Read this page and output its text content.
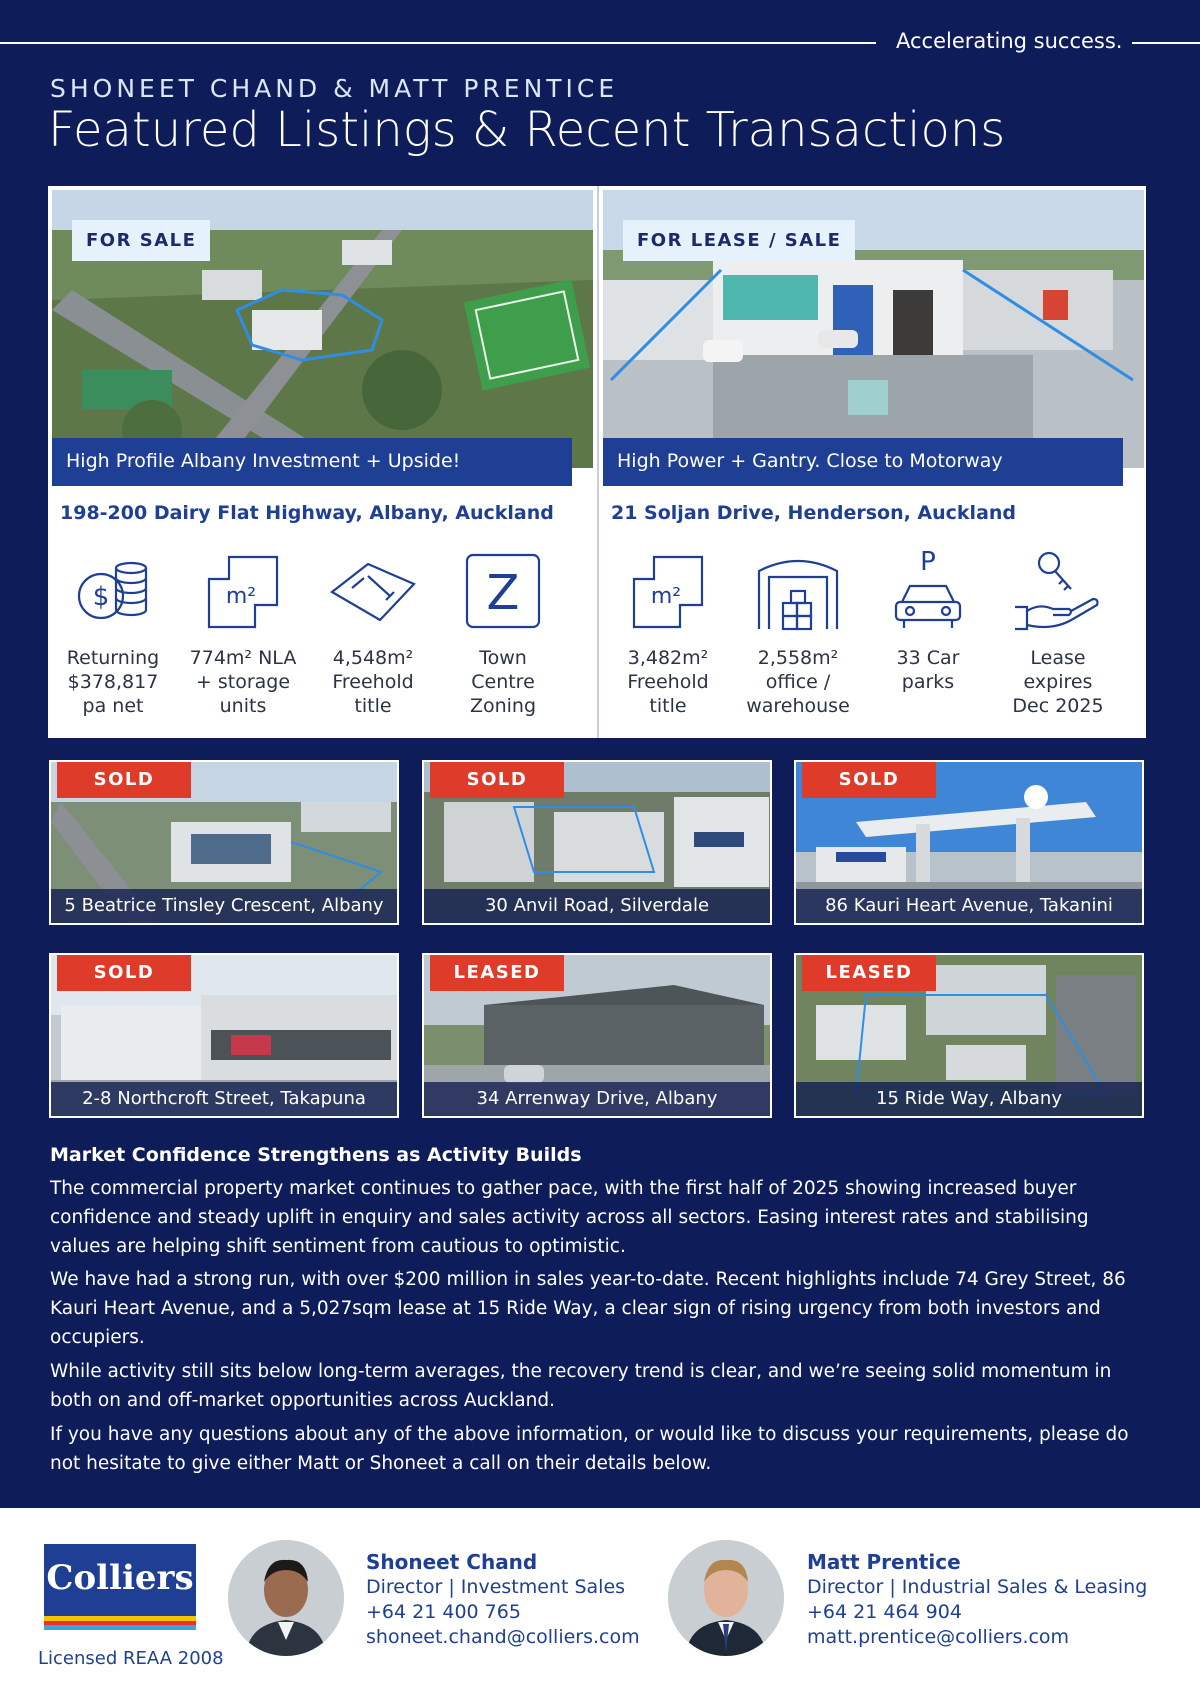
Accelerating success.
SHONEET CHAND & MATT PRENTICE
Featured Listings & Recent Transactions
FOR SALE
High Profile Albany Investment + Upside!
198-200 Dairy Flat Highway, Albany, Auckland
$
Returning
$378,817
pa net
m²
774m² NLA
+ storage
units
4,548m²
Freehold
title
Z
Town
Centre
Zoning
FOR LEASE / SALE
High Power + Gantry. Close to Motorway
21 Soljan Drive, Henderson, Auckland
m²
3,482m²
Freehold
title
2,558m²
office /
warehouse
P
33 Car
parks
Lease
expires
Dec 2025
SOLD
5 Beatrice Tinsley Crescent, Albany
SOLD
30 Anvil Road, Silverdale
SOLD
86 Kauri Heart Avenue, Takanini
SOLD
2-8 Northcroft Street, Takapuna
LEASED
34 Arrenway Drive, Albany
LEASED
15 Ride Way, Albany
Market Confidence Strengthens as Activity Builds
The commercial property market continues to gather pace, with the first half of 2025 showing increased buyer confidence and steady uplift in enquiry and sales activity across all sectors. Easing interest rates and stabilising values are helping shift sentiment from cautious to optimistic.
We have had a strong run, with over $200 million in sales year-to-date. Recent highlights include 74 Grey Street, 86 Kauri Heart Avenue, and a 5,027sqm lease at 15 Ride Way, a clear sign of rising urgency from both investors and occupiers.
While activity still sits below long-term averages, the recovery trend is clear, and we’re seeing solid momentum in both on and off-market opportunities across Auckland.
If you have any questions about any of the above information, or would like to discuss your requirements, please do not hesitate to give either Matt or Shoneet a call on their details below.
Colliers
Licensed REAA 2008
Shoneet Chand
Director | Investment Sales
+64 21 400 765
shoneet.chand@colliers.com
Matt Prentice
Director | Industrial Sales & Leasing
+64 21 464 904
matt.prentice@colliers.com
